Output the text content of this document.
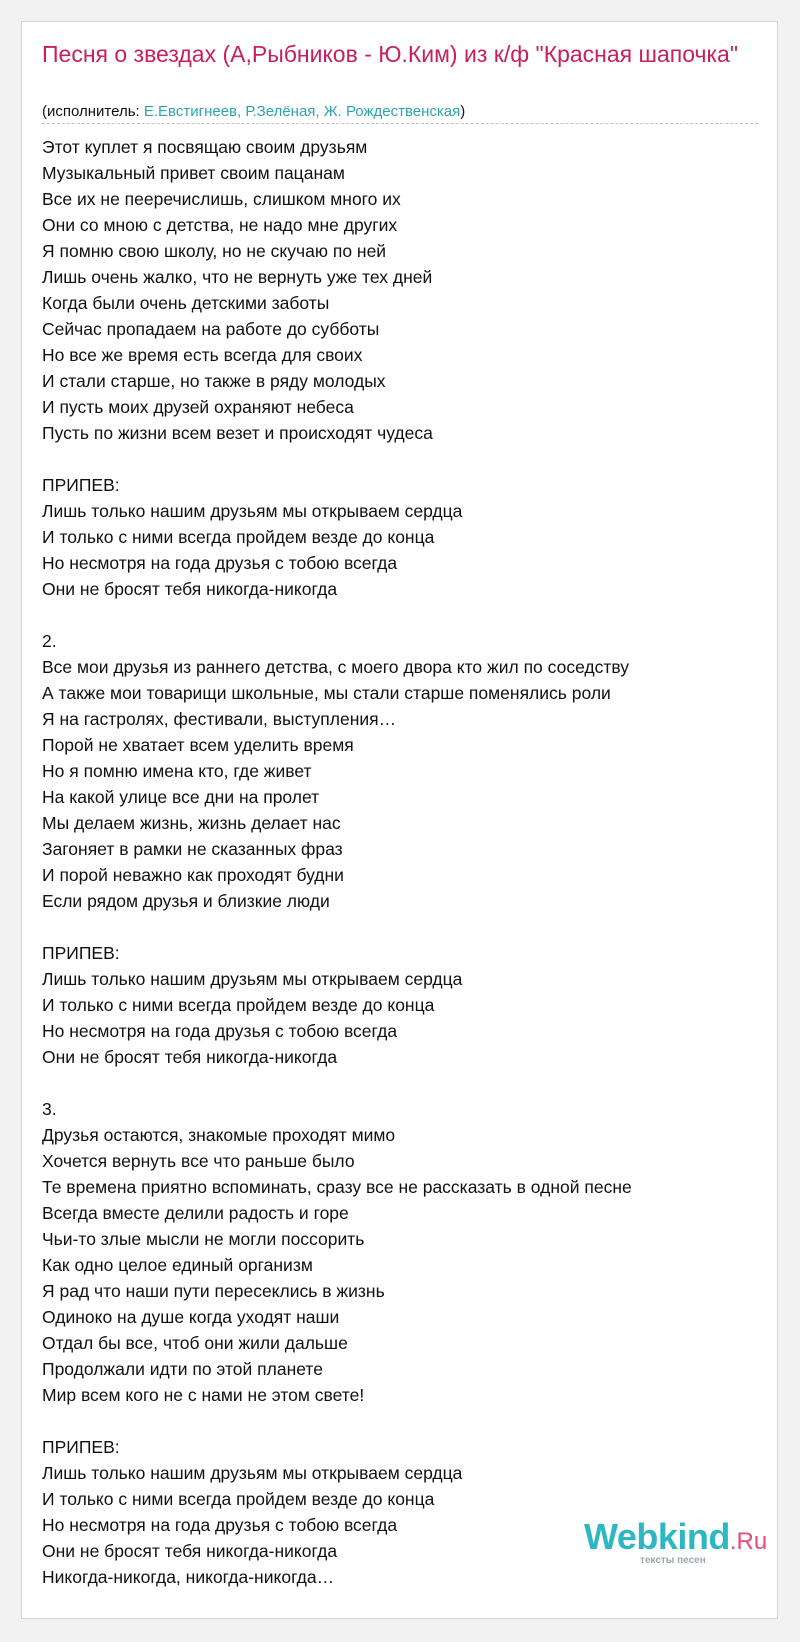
Песня о звездах (А,Рыбников - Ю.Ким) из к/ф "Красная шапочка"
(исполнитель: Е.Евстигнеев, Р.Зелёная, Ж. Рождественская)
Этот куплет я посвящаю своим друзьям
Музыкальный привет своим пацанам
Все их не пееречислишь, слишком много их
Они со мною с детства, не надо мне других
Я помню свою школу, но не скучаю по ней
Лишь очень жалко, что не вернуть уже тех дней
Когда были очень детскими заботы
Сейчас пропадаем на работе до субботы
Но все же время есть всегда для своих
И стали старше, но также в ряду молодых
И пусть моих друзей охраняют небеса
Пусть по жизни всем везет и происходят чудеса
ПРИПЕВ:
Лишь только нашим друзьям мы открываем сердца
И только с ними всегда пройдем везде до конца
Но несмотря на года друзья с тобою всегда
Они не бросят тебя никогда-никогда
2.
Все мои друзья из раннего детства, с моего двора кто жил по соседству
А также мои товарищи школьные, мы стали старше поменялись роли
Я на гастролях, фестивали, выступления…
Порой не хватает всем уделить время
Но я помню имена кто, где живет
На какой улице все дни на пролет
Мы делаем жизнь, жизнь делает нас
Загоняет в рамки не сказанных фраз
И порой неважно как проходят будни
Если рядом друзья и близкие люди
ПРИПЕВ:
Лишь только нашим друзьям мы открываем сердца
И только с ними всегда пройдем везде до конца
Но несмотря на года друзья с тобою всегда
Они не бросят тебя никогда-никогда
3.
Друзья остаются, знакомые проходят мимо
Хочется вернуть все что раньше было
Те времена приятно вспоминать, сразу все не рассказать в одной песне
Всегда вместе делили радость и горе
Чьи-то злые мысли не могли поссорить
Как одно целое единый организм
Я рад что наши пути пересеклись в жизнь
Одиноко на душе когда уходят наши
Отдал бы все, чтоб они жили дальше
Продолжали идти по этой планете
Мир всем кого не с нами не этом свете!
ПРИПЕВ:
Лишь только нашим друзьям мы открываем сердца
И только с ними всегда пройдем везде до конца
Но несмотря на года друзья с тобою всегда
Они не бросят тебя никогда-никогда
Никогда-никогда, никогда-никогда…
Webkind.Ru
тексты песен
